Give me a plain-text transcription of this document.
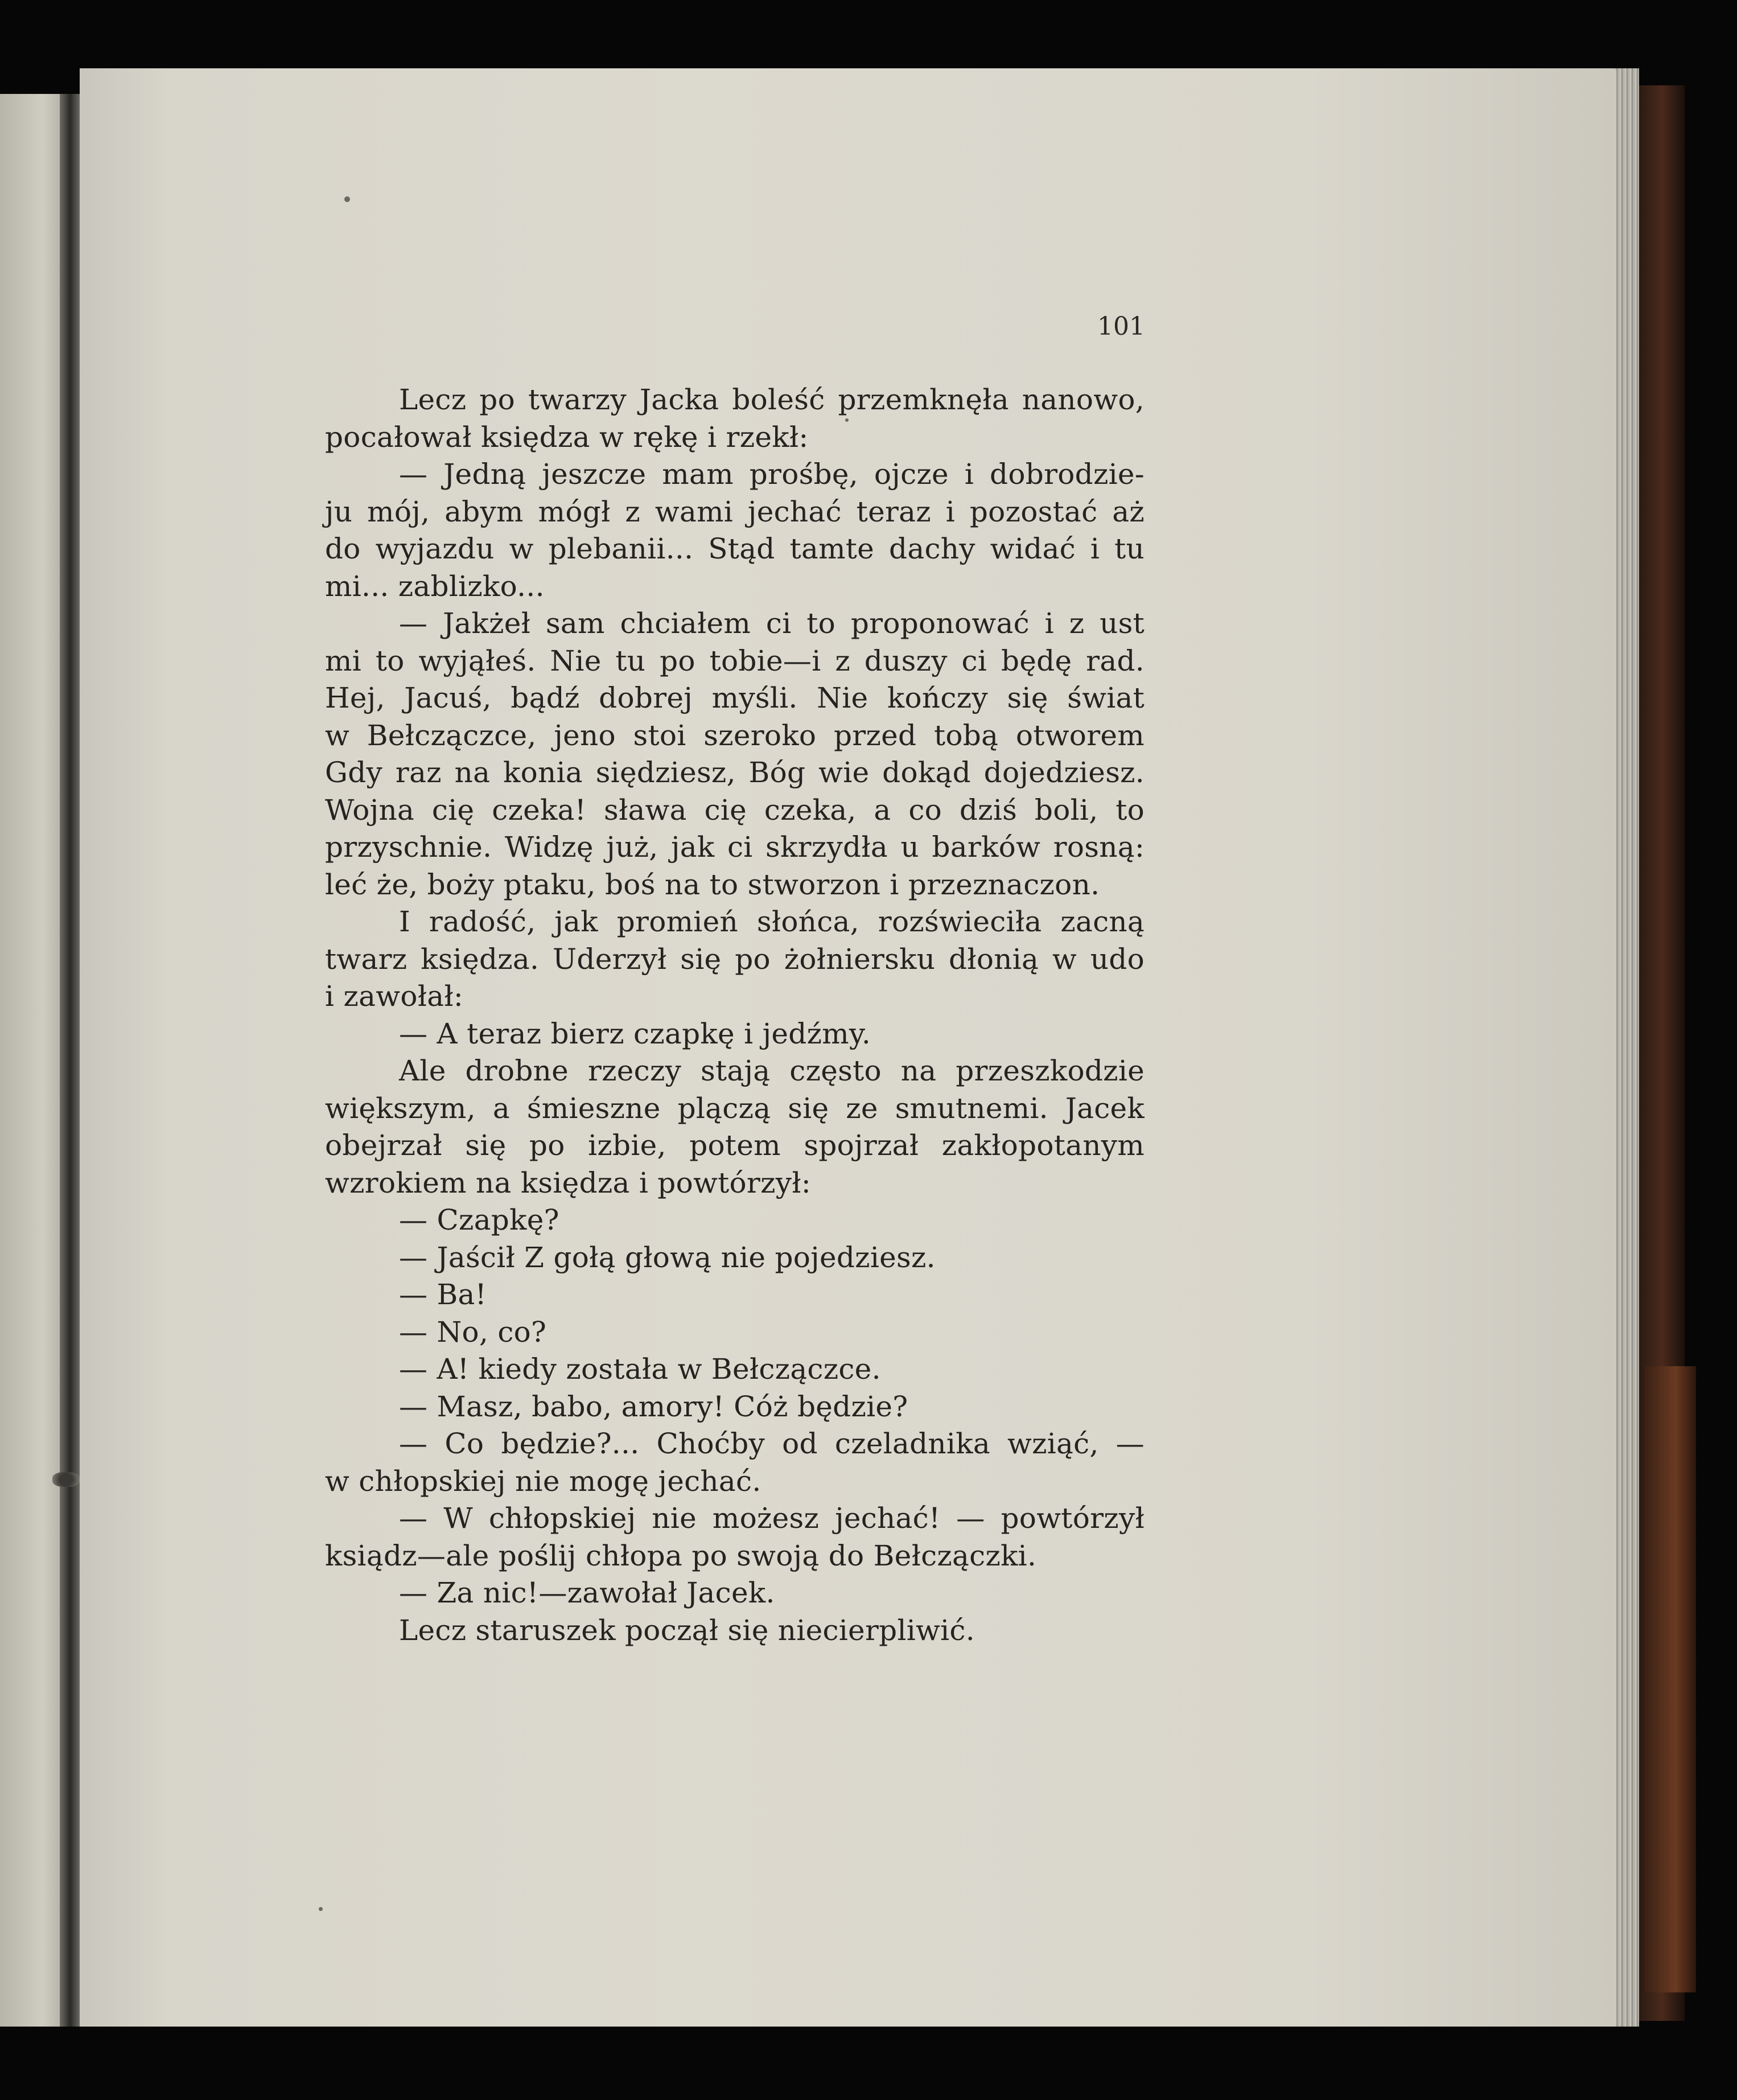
101
Lecz po twarzy Jacka boleść przemknęła nanowo,
pocałował księdza w rękę i rzekł:
— Jedną jeszcze mam prośbę, ojcze i dobrodzie-
ju mój, abym mógł z wami jechać teraz i pozostać aż
do wyjazdu w plebanii... Stąd tamte dachy widać i tu
mi... zablizko...
— Jakżeł sam chciałem ci to proponować i z ust
mi to wyjąłeś. Nie tu po tobie—i z duszy ci będę rad.
Hej, Jacuś, bądź dobrej myśli. Nie kończy się świat
w Bełczączce, jeno stoi szeroko przed tobą otworem
Gdy raz na konia siędziesz, Bóg wie dokąd dojedziesz.
Wojna cię czeka! sława cię czeka, a co dziś boli, to
przyschnie. Widzę już, jak ci skrzydła u barków rosną:
leć że, boży ptaku, boś na to stworzon i przeznaczon.
I radość, jak promień słońca, rozświeciła zacną
twarz księdza. Uderzył się po żołniersku dłonią w udo
i zawołał:
— A teraz bierz czapkę i jedźmy.
Ale drobne rzeczy stają często na przeszkodzie
większym, a śmieszne plączą się ze smutnemi. Jacek
obejrzał się po izbie, potem spojrzał zakłopotanym
wzrokiem na księdza i powtórzył:
— Czapkę?
— Jaścił Z gołą głową nie pojedziesz.
— Ba!
— No, co?
— A! kiedy została w Bełczączce.
— Masz, babo, amory! Cóż będzie?
— Co będzie?... Choćby od czeladnika wziąć, —
w chłopskiej nie mogę jechać.
— W chłopskiej nie możesz jechać! — powtórzył
ksiądz—ale poślij chłopa po swoją do Bełczączki.
— Za nic!—zawołał Jacek.
Lecz staruszek począł się niecierpliwić.
